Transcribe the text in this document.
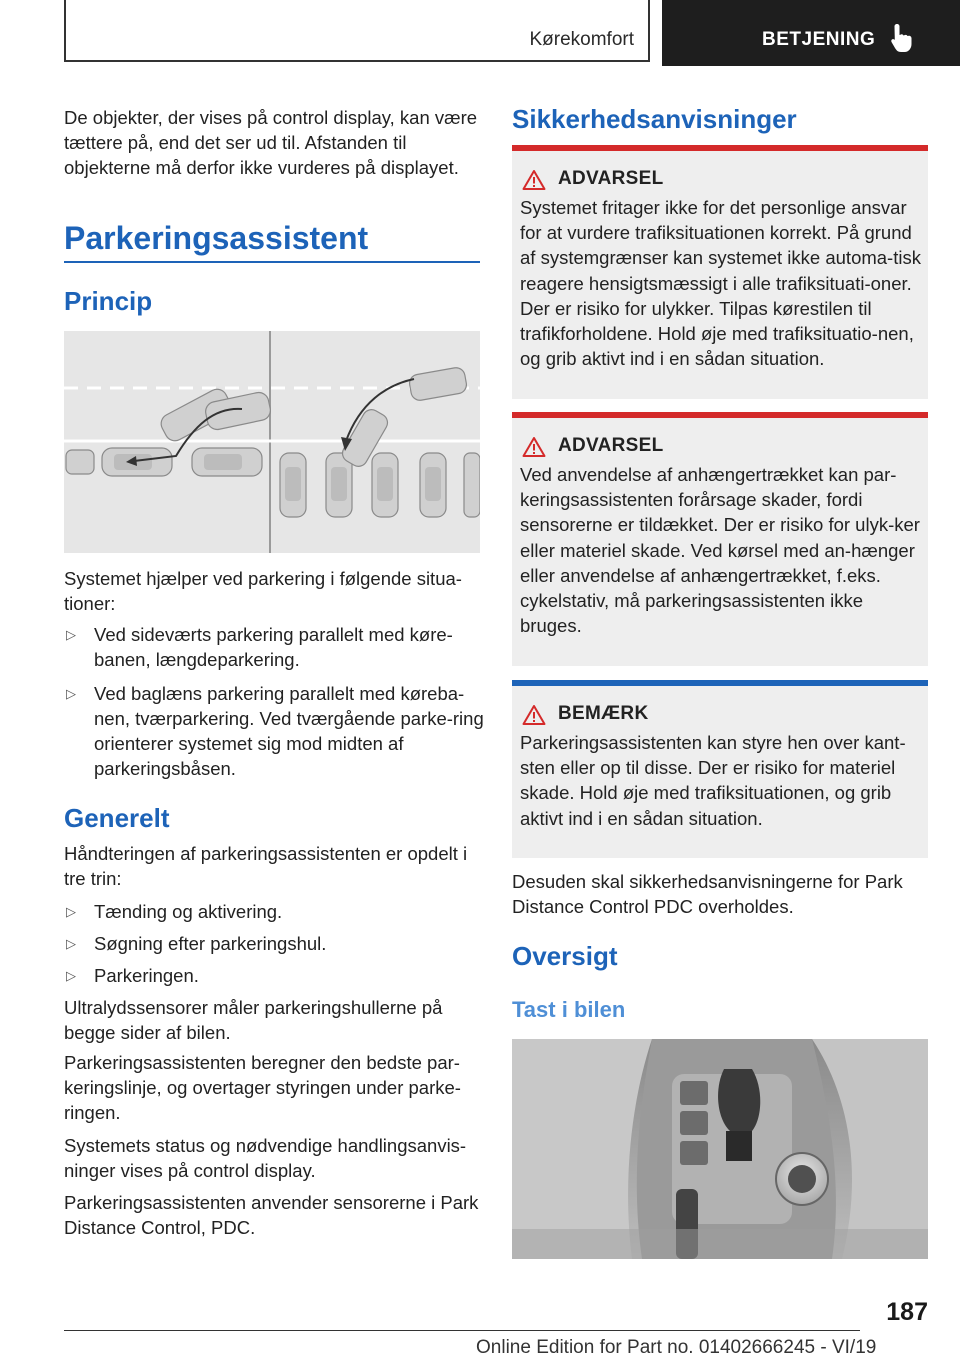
Kørekomfort	BETJENING

De objekter, der vises på control display, kan være tættere på, end det ser ud til. Afstanden til objekterne må derfor ikke vurderes på displayet.

Parkeringsassistent
Princip

Systemet hjælper ved parkering i følgende situa-tioner:

▷ Ved sideværts parkering parallelt med køre-banen, længdeparkering.
▷ Ved baglæns parkering parallelt med køreba-nen, tværparkering. Ved tværgående parke-ring orienterer systemet sig mod midten af parkeringsbåsen.
Generelt

Håndteringen af parkeringsassistenten er opdelt i tre trin:

▷ Tænding og aktivering.
▷ Søgning efter parkeringshul.
▷ Parkeringen.

Ultralydssensorer måler parkeringshullerne på begge sider af bilen.

Parkeringsassistenten beregner den bedste par-keringslinje, og overtager styringen under parke-ringen.

Systemets status og nødvendige handlingsanvis-ninger vises på control display.

Parkeringsassistenten anvender sensorerne i Park Distance Control, PDC.

Sikkerhedsanvisninger
ADVARSEL
Systemet fritager ikke for det personlige ansvar for at vurdere trafiksituationen korrekt. På grund af systemgrænser kan systemet ikke automa-tisk reagere hensigtsmæssigt i alle trafiksituati-oner. Der er risiko for ulykker. Tilpas kørestilen til trafikforholdene. Hold øje med trafiksituatio-nen, og grib aktivt ind i en sådan situation.
ADVARSEL
Ved anvendelse af anhængertrækket kan par-keringsassistenten forårsage skader, fordi sensorerne er tildækket. Der er risiko for ulyk-ker eller materiel skade. Ved kørsel med an-hænger eller anvendelse af anhængertrækket, f.eks. cykelstativ, må parkeringsassistenten ikke bruges.
BEMÆRK
Parkeringsassistenten kan styre hen over kant-sten eller op til disse. Der er risiko for materiel skade. Hold øje med trafiksituationen, og grib aktivt ind i en sådan situation.

Desuden skal sikkerhedsanvisningerne for Park Distance Control PDC overholdes.

Oversigt
Tast i bilen
187
Online Edition for Part no. 01402666245 - VI/19
